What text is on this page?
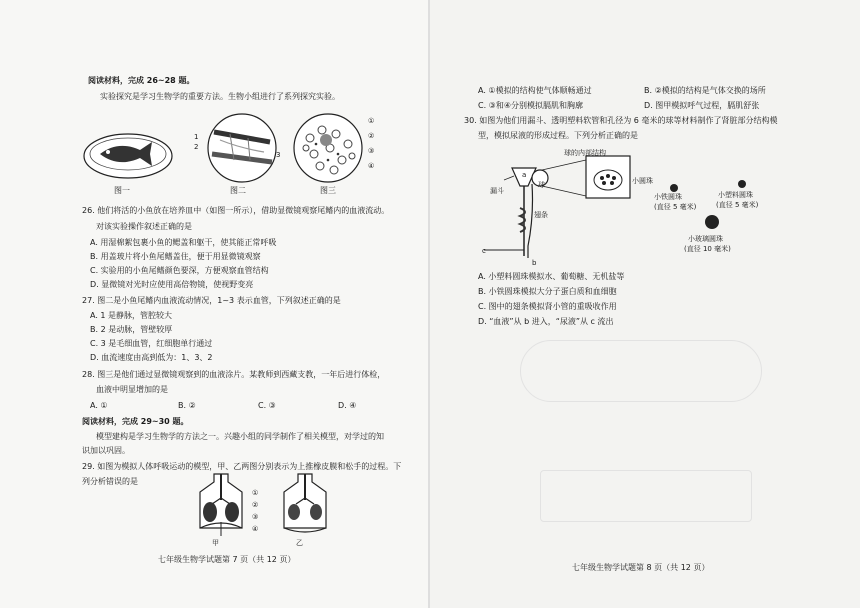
阅读材料，完成 26~28 题。
实验探究是学习生物学的重要方法。生物小组进行了系列探究实验。
图一
1
2
3
图二
①
②
③
④
图三
26. 他们将活的小鱼放在培养皿中（如图一所示），借助显微镜观察尾鳍内的血液流动。
对该实验操作叙述正确的是
A. 用湿棉絮包裹小鱼的鳃盖和躯干，使其能正常呼吸
B. 用盖玻片将小鱼尾鳍盖住，便于用显微镜观察
C. 实验用的小鱼尾鳍颜色要深，方便观察血管结构
D. 显微镜对光时应使用高倍物镜，使视野变亮
27. 图二是小鱼尾鳍内血液流动情况，1~3 表示血管，下列叙述正确的是
A. 1 是静脉，管腔较大
B. 2 是动脉，管壁较厚
C. 3 是毛细血管，红细胞单行通过
D. 血流速度由高到低为：1、3、2
28. 图三是他们通过显微镜观察到的血液涂片。某教师到西藏支教，一年后进行体检，
血液中明显增加的是
A. ①	B. ②	C. ③	D. ④
阅读材料，完成 29~30 题。
模型建构是学习生物学的方法之一。兴趣小组的同学制作了相关模型，对学过的知
识加以巩固。
29. 如图为模拟人体呼吸运动的模型，甲、乙两图分别表示为上推橡皮膜和松手的过程。下
列分析错误的是
①
②
③
④
甲	乙
七年级生物学试题第 7 页（共 12 页）
A. ①模拟的结构使气体顺畅通过	B. ②模拟的结构是气体交换的场所
C. ③和④分别模拟膈肌和胸廓	D. 图甲模拟呼气过程，膈肌舒张
30. 如图为他们用漏斗、透明塑料软管和孔径为 6 毫米的球等材料制作了肾脏部分结构模
型，模拟尿液的形成过程。下列分析正确的是
球的内部结构
小圆珠
漏斗
球
翅条
a
b
c
小铁圆珠
(直径 5 毫米)
小塑料圆珠
(直径 5 毫米)
小玻璃圆珠
(直径 10 毫米)
A. 小塑料圆珠模拟水、葡萄糖、无机盐等
B. 小铁圆珠模拟大分子蛋白质和血细胞
C. 图中的翅条模拟肾小管的重吸收作用
D. “血液”从 b 进入，“尿液”从 c 流出
七年级生物学试题第 8 页（共 12 页）
